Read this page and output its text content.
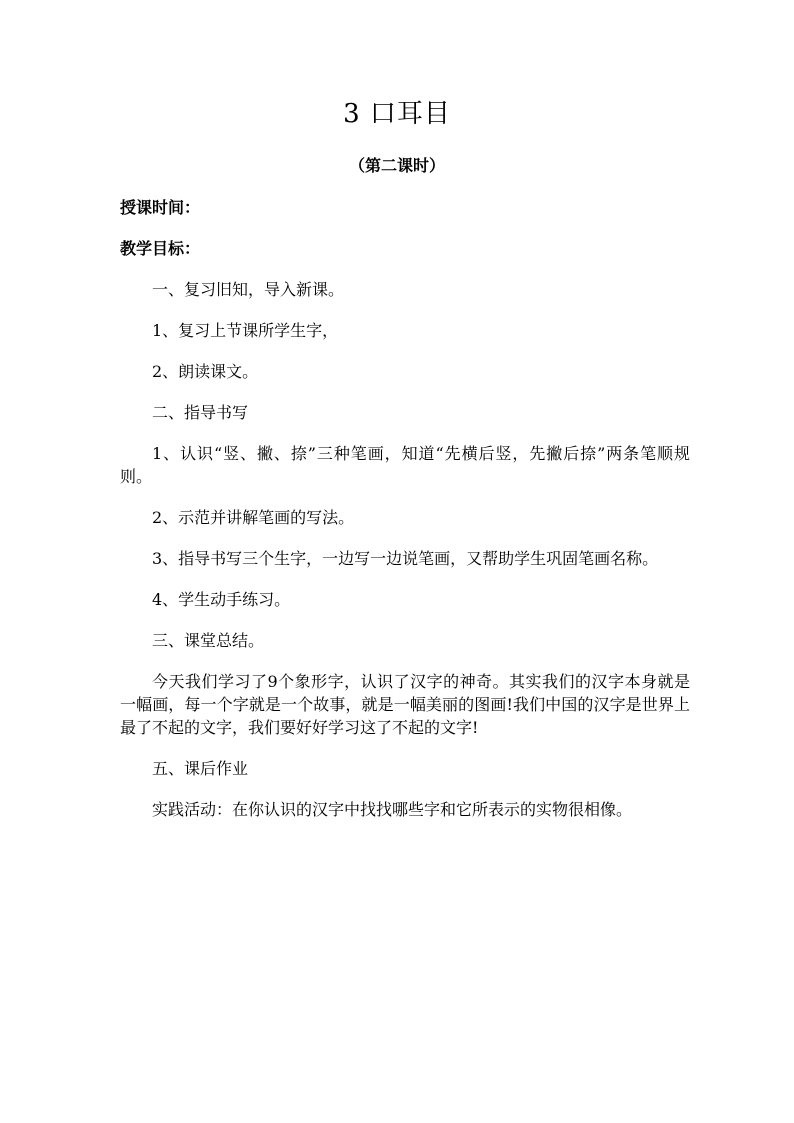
3 口耳目
（第二课时）
授课时间：
教学目标：
一、复习旧知，导入新课。
1、复习上节课所学生字，
2、朗读课文。
二、指导书写
1、认识“竖、撇、捺”三种笔画，知道“先横后竖，先撇后捺”两条笔顺规则。
2、示范并讲解笔画的写法。
3、指导书写三个生字，一边写一边说笔画，又帮助学生巩固笔画名称。
4、学生动手练习。
三、课堂总结。
今天我们学习了9个象形字，认识了汉字的神奇。其实我们的汉字本身就是一幅画，每一个字就是一个故事，就是一幅美丽的图画!我们中国的汉字是世界上最了不起的文字，我们要好好学习这了不起的文字!
五、课后作业
实践活动：在你认识的汉字中找找哪些字和它所表示的实物很相像。
